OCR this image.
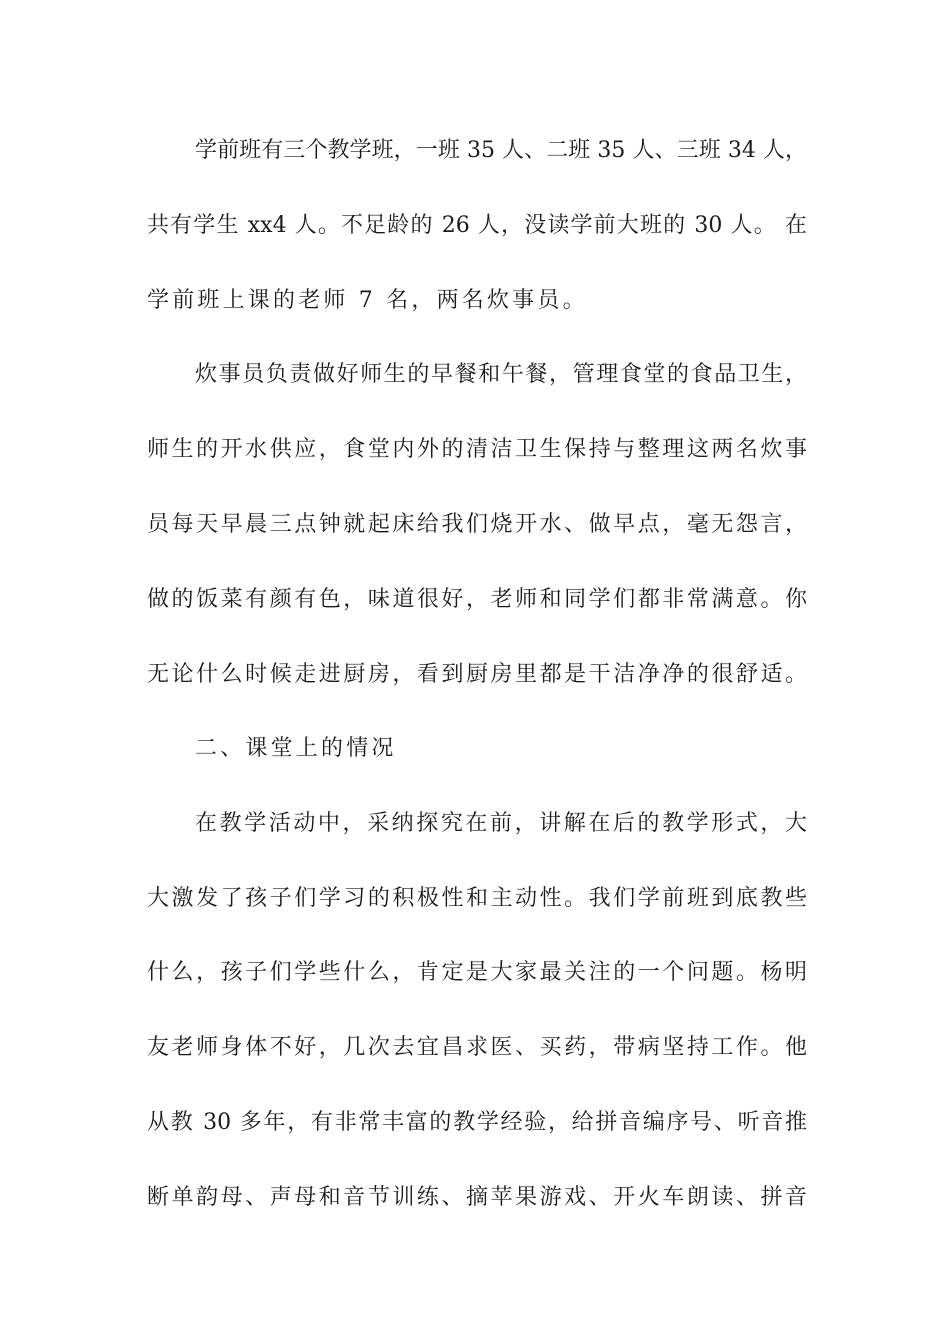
学前班有三个教学班，一班 35 人、二班 35 人、三班 34 人，
共有学生 xx4 人。不足龄的 26 人，没读学前大班的 30 人。 在
学前班上课的老师 7 名，两名炊事员。
炊事员负责做好师生的早餐和午餐，管理食堂的食品卫生，
师生的开水供应，食堂内外的清洁卫生保持与整理这两名炊事
员每天早晨三点钟就起床给我们烧开水、做早点，毫无怨言，
做的饭菜有颜有色，味道很好，老师和同学们都非常满意。你
无论什么时候走进厨房，看到厨房里都是干洁净净的很舒适。
二、课堂上的情况
在教学活动中，采纳探究在前，讲解在后的教学形式，大
大激发了孩子们学习的积极性和主动性。我们学前班到底教些
什么，孩子们学些什么，肯定是大家最关注的一个问题。杨明
友老师身体不好，几次去宜昌求医、买药，带病坚持工作。他
从教 30 多年，有非常丰富的教学经验，给拼音编序号、听音推
断单韵母、声母和音节训练、摘苹果游戏、开火车朗读、拼音
